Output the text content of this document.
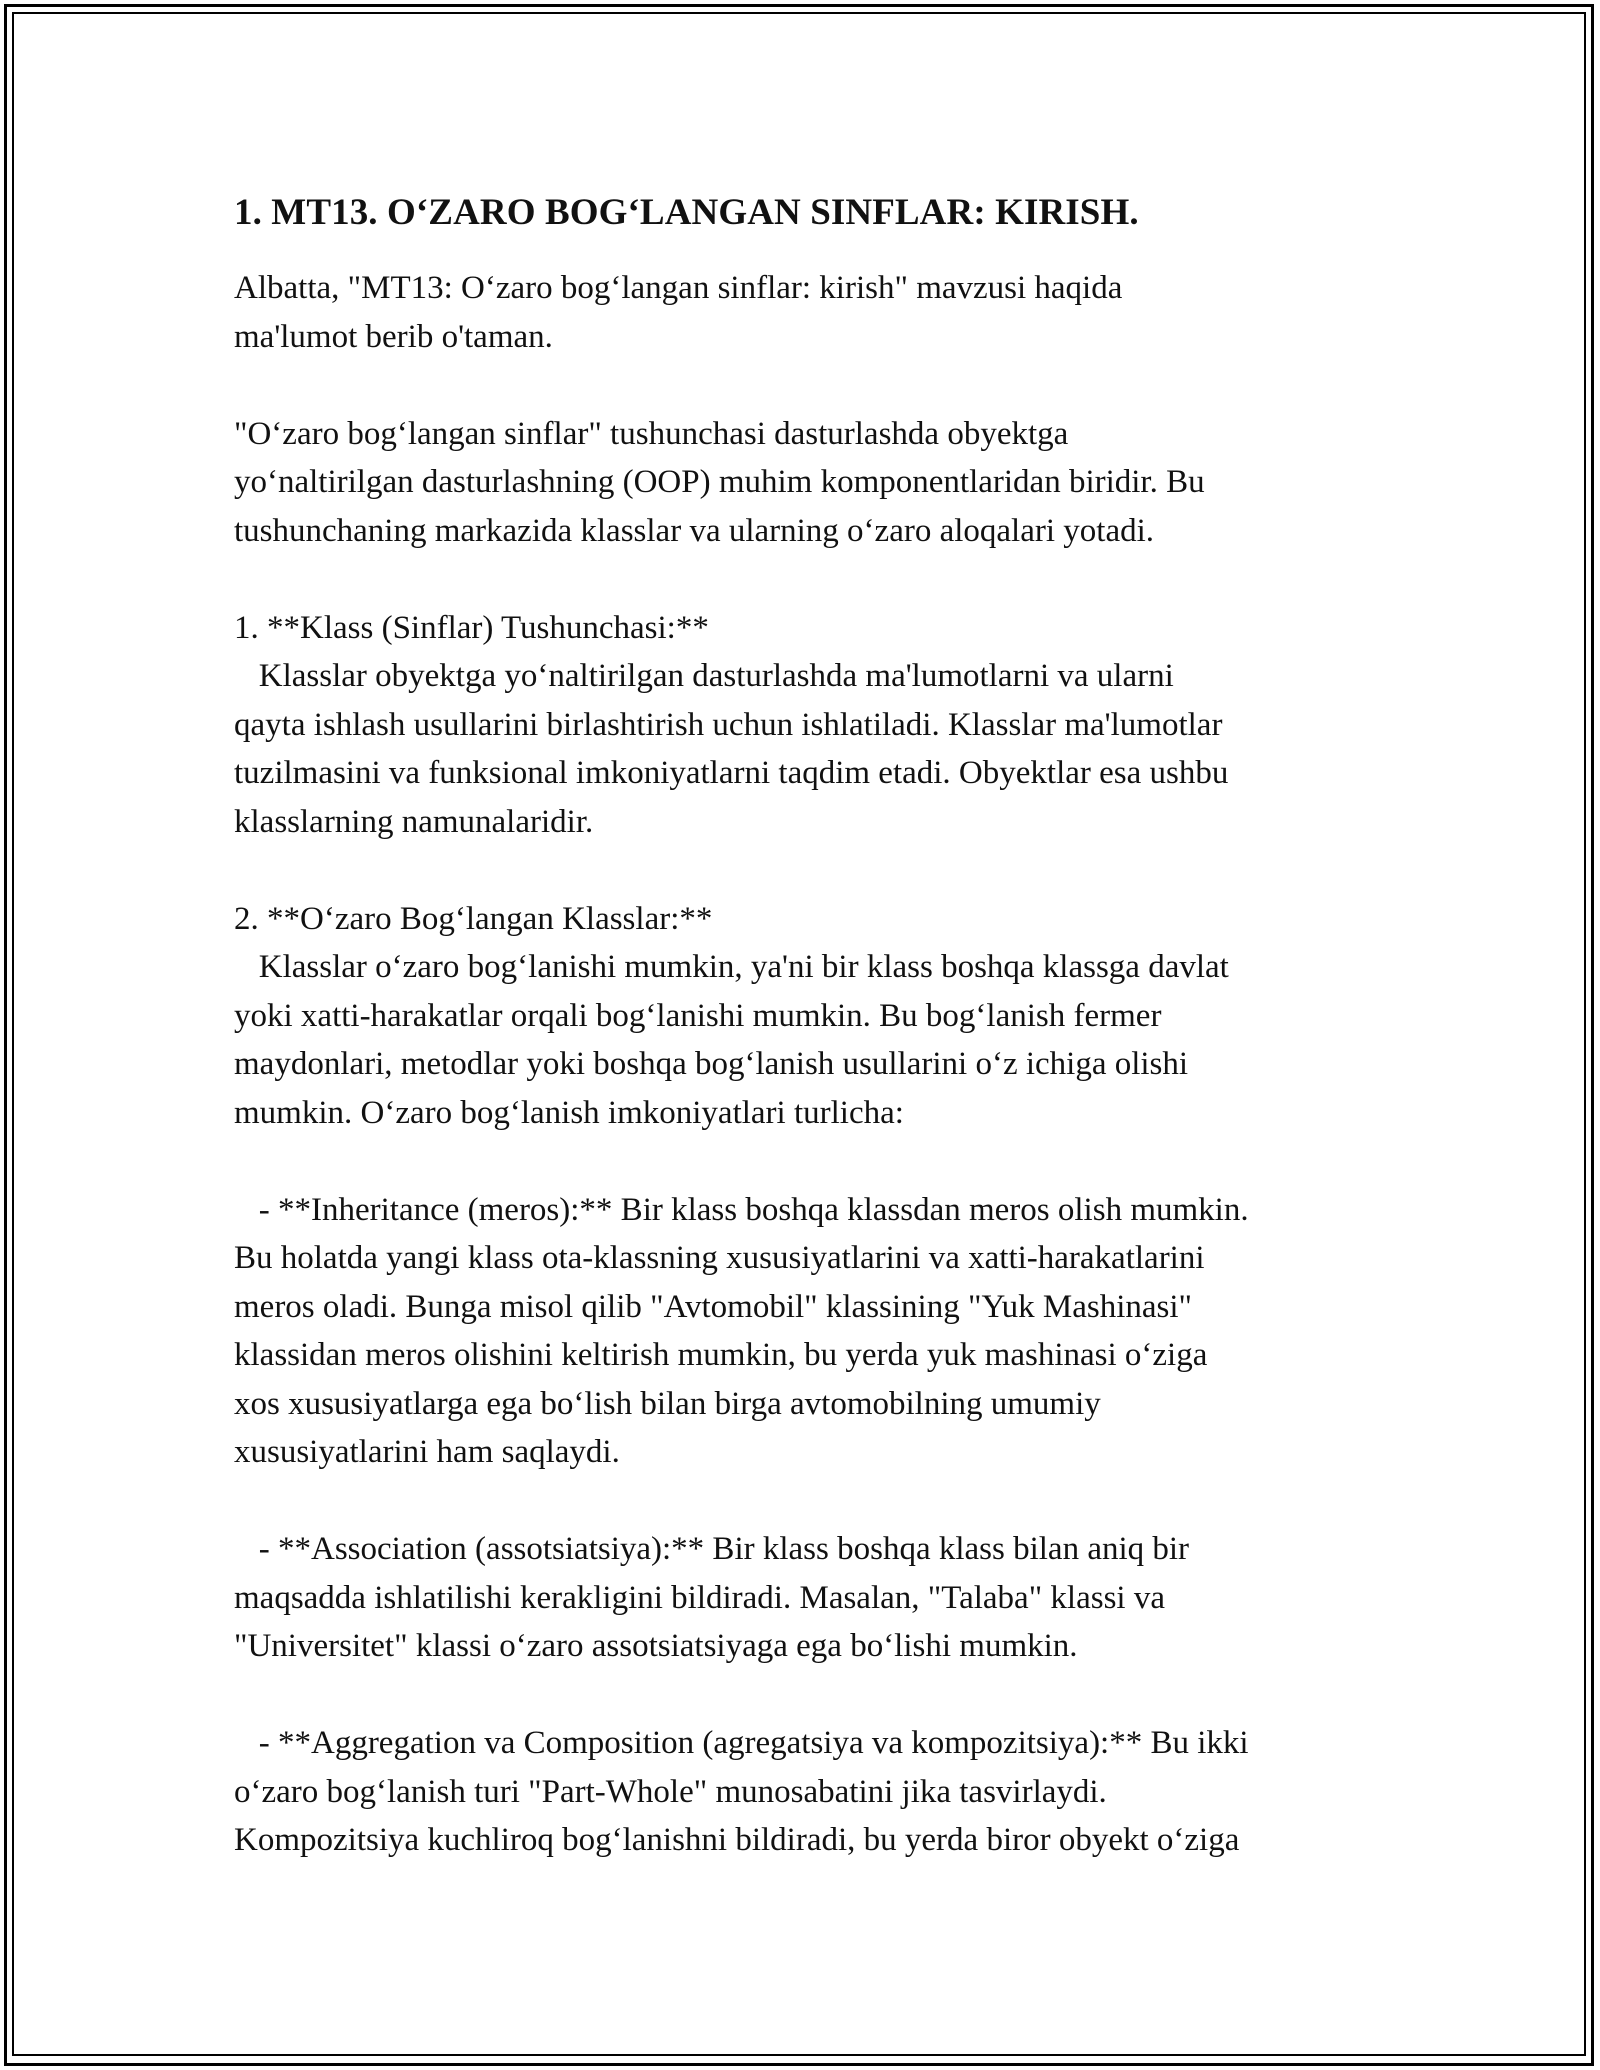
1. MT13. O‘ZARO BOG‘LANGAN SINFLAR: KIRISH.

Albatta, "MT13: O‘zaro bog‘langan sinflar: kirish" mavzusi haqida
ma'lumot berib o'taman.

"O‘zaro bog‘langan sinflar" tushunchasi dasturlashda obyektga
yo‘naltirilgan dasturlashning (OOP) muhim komponentlaridan biridir. Bu
tushunchaning markazida klasslar va ularning o‘zaro aloqalari yotadi.

1. **Klass (Sinflar) Tushunchasi:**
Klasslar obyektga yo‘naltirilgan dasturlashda ma'lumotlarni va ularni
qayta ishlash usullarini birlashtirish uchun ishlatiladi. Klasslar ma'lumotlar
tuzilmasini va funksional imkoniyatlarni taqdim etadi. Obyektlar esa ushbu
klasslarning namunalaridir.

2. **O‘zaro Bog‘langan Klasslar:**
Klasslar o‘zaro bog‘lanishi mumkin, ya'ni bir klass boshqa klassga davlat
yoki xatti-harakatlar orqali bog‘lanishi mumkin. Bu bog‘lanish fermer
maydonlari, metodlar yoki boshqa bog‘lanish usullarini o‘z ichiga olishi
mumkin. O‘zaro bog‘lanish imkoniyatlari turlicha:

- **Inheritance (meros):** Bir klass boshqa klassdan meros olish mumkin.
Bu holatda yangi klass ota-klassning xususiyatlarini va xatti-harakatlarini
meros oladi. Bunga misol qilib "Avtomobil" klassining "Yuk Mashinasi"
klassidan meros olishini keltirish mumkin, bu yerda yuk mashinasi o‘ziga
xos xususiyatlarga ega bo‘lish bilan birga avtomobilning umumiy
xususiyatlarini ham saqlaydi.

- **Association (assotsiatsiya):** Bir klass boshqa klass bilan aniq bir
maqsadda ishlatilishi kerakligini bildiradi. Masalan, "Talaba" klassi va
"Universitet" klassi o‘zaro assotsiatsiyaga ega bo‘lishi mumkin.

- **Aggregation va Composition (agregatsiya va kompozitsiya):** Bu ikki
o‘zaro bog‘lanish turi "Part-Whole" munosabatini jika tasvirlaydi.
Kompozitsiya kuchliroq bog‘lanishni bildiradi, bu yerda biror obyekt o‘ziga
